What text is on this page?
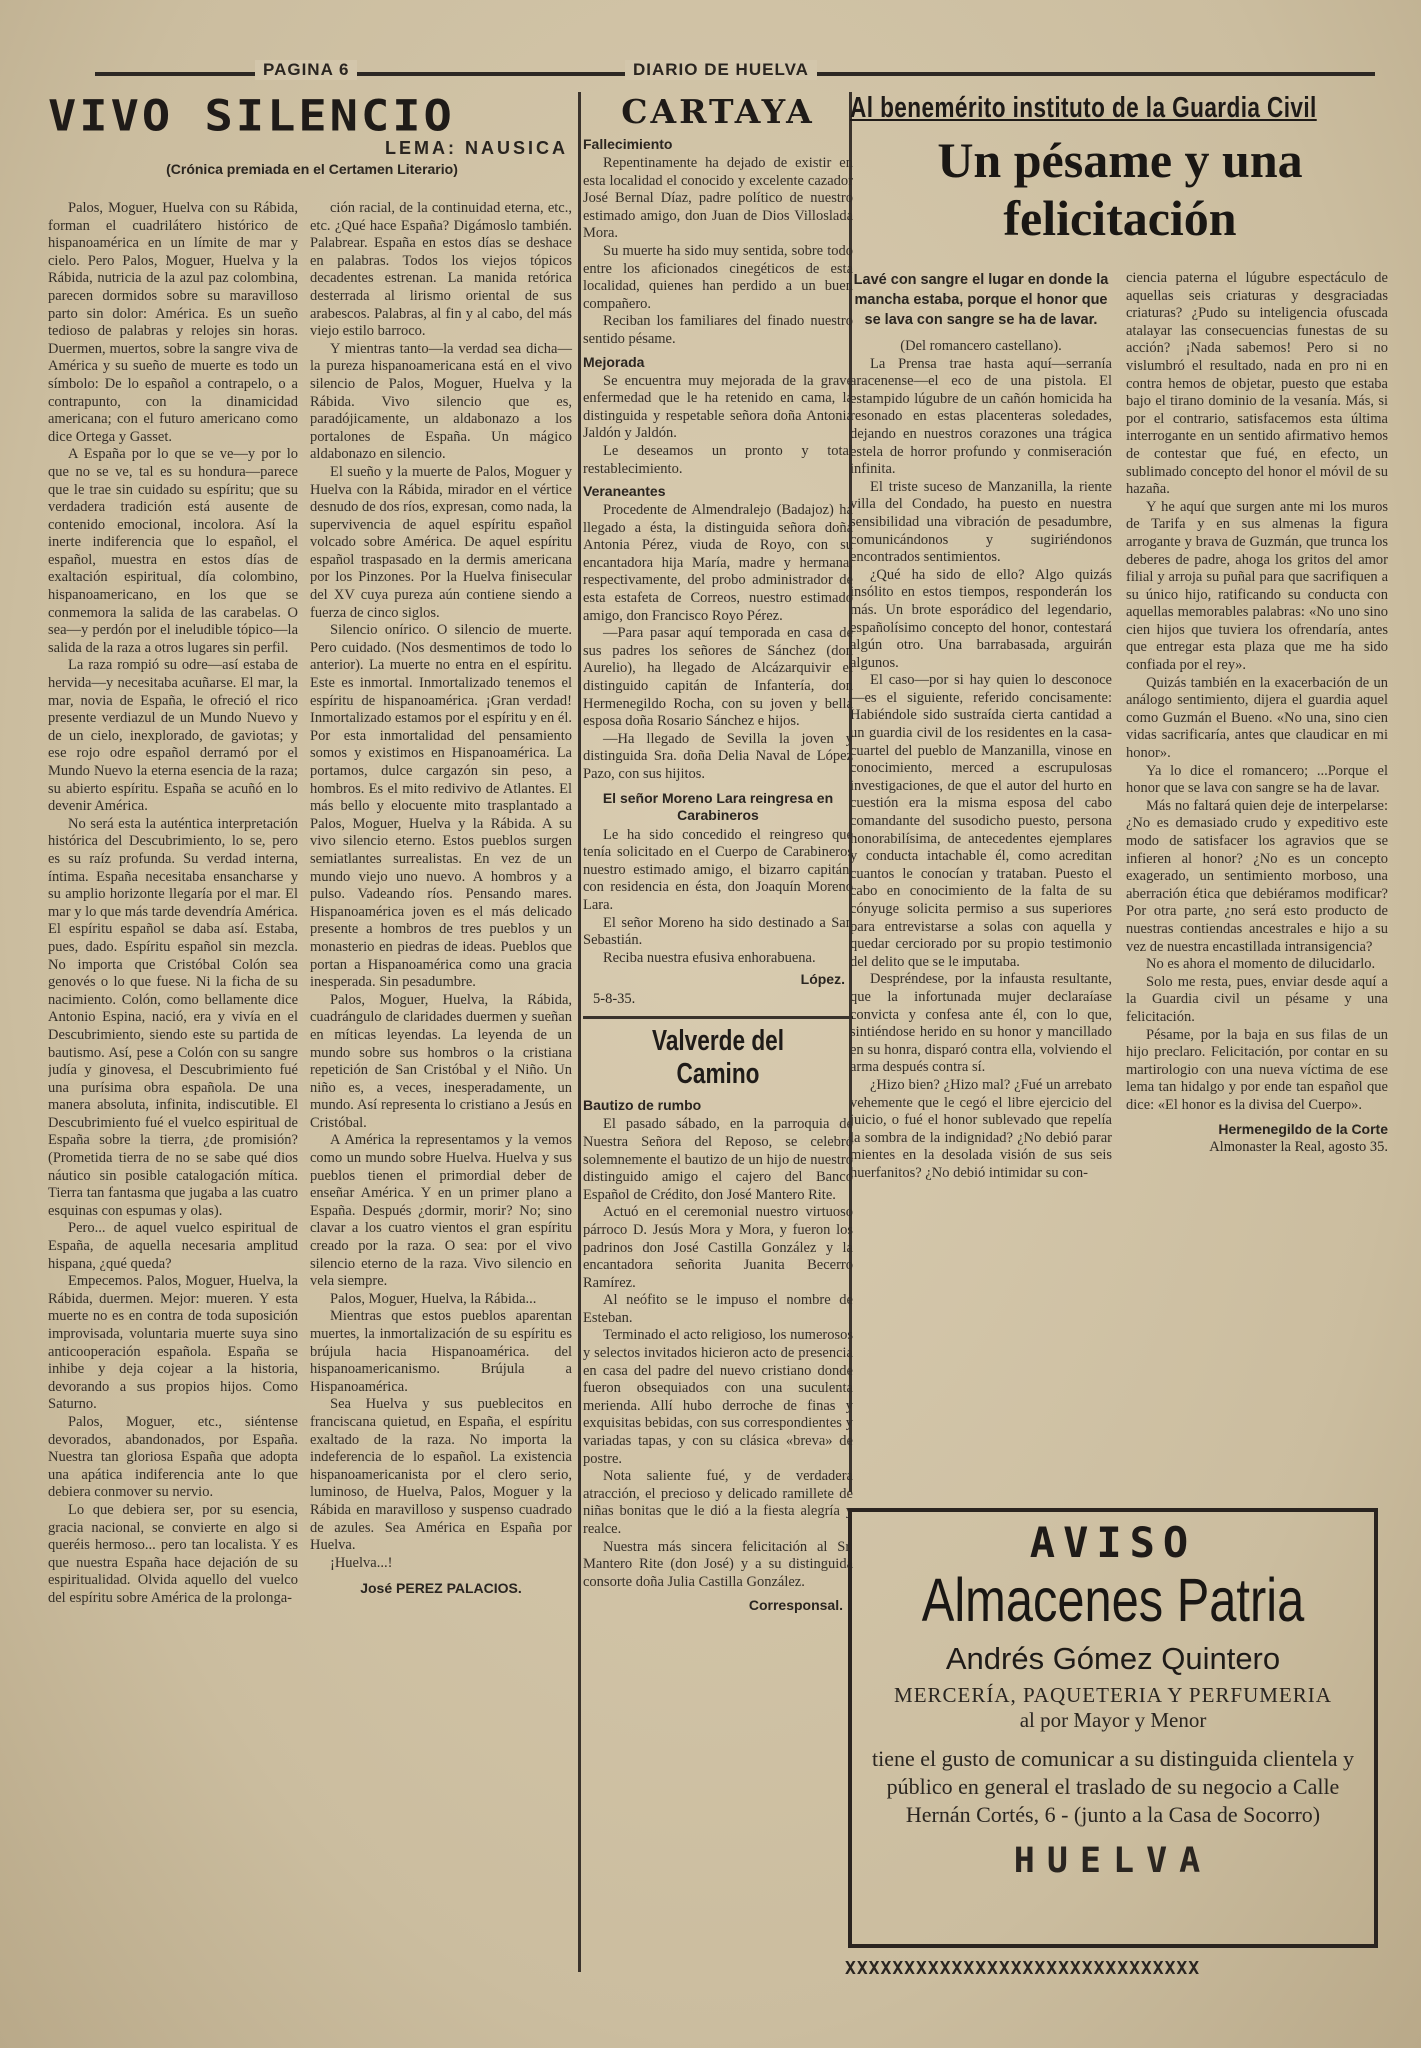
PAGINA 6	DIARIO DE HUELVA
VIVO SILENCIO
LEMA: NAUSICA
(Crónica premiada en el Certamen Literario)

Palos, Moguer, Huelva con su Rábida, forman el cuadrilátero histórico de hispanoamérica en un límite de mar y cielo. Pero Palos, Moguer, Huelva y la Rábida, nutricia de la azul paz colombina, parecen dormidos sobre su maravilloso parto sin dolor: América. Es un sueño tedioso de palabras y relojes sin horas. Duermen, muertos, sobre la sangre viva de América y su sueño de muerte es todo un símbolo: De lo español a contrapelo, o a contrapunto, con la dinamicidad americana; con el futuro americano como dice Ortega y Gasset.

A España por lo que se ve—y por lo que no se ve, tal es su hondura—parece que le trae sin cuidado su espíritu; que su verdadera tradición está ausente de contenido emocional, incolora. Así la inerte indiferencia que lo español, el español, muestra en estos días de exaltación espiritual, día colombino, hispanoamericano, en los que se conmemora la salida de las carabelas. O sea—y perdón por el ineludible tópico—la salida de la raza a otros lugares sin perfil.

La raza rompió su odre—así estaba de hervida—y necesitaba acuñarse. El mar, la mar, novia de España, le ofreció el rico presente verdiazul de un Mundo Nuevo y de un cielo, inexplorado, de gaviotas; y ese rojo odre español derramó por el Mundo Nuevo la eterna esencia de la raza; su abierto espíritu. España se acuñó en lo devenir América.

No será esta la auténtica interpretación histórica del Descubrimiento, lo se, pero es su raíz profunda. Su verdad interna, íntima. España necesitaba ensancharse y su amplio horizonte llegaría por el mar. El mar y lo que más tarde devendría América. El espíritu español se daba así. Estaba, pues, dado. Espíritu español sin mezcla. No importa que Cristóbal Colón sea genovés o lo que fuese. Ni la ficha de su nacimiento. Colón, como bellamente dice Antonio Espina, nació, era y vivía en el Descubrimiento, siendo este su partida de bautismo. Así, pese a Colón con su sangre judía y ginovesa, el Descubrimiento fué una purísima obra española. De una manera absoluta, infinita, indiscutible. El Descubrimiento fué el vuelco espiritual de España sobre la tierra, ¿de promisión? (Prometida tierra de no se sabe qué dios náutico sin posible catalogación mítica. Tierra tan fantasma que jugaba a las cuatro esquinas con espumas y olas).

Pero... de aquel vuelco espiritual de España, de aquella necesaria amplitud hispana, ¿qué queda?

Empecemos. Palos, Moguer, Huelva, la Rábida, duermen. Mejor: mueren. Y esta muerte no es en contra de toda suposición improvisada, voluntaria muerte suya sino anticooperación española. España se inhibe y deja cojear a la historia, devorando a sus propios hijos. Como Saturno.

Palos, Moguer, etc., siéntense devorados, abandonados, por España. Nuestra tan gloriosa España que adopta una apática indiferencia ante lo que debiera conmover su nervio.

Lo que debiera ser, por su esencia, gracia nacional, se convierte en algo si queréis hermoso... pero tan localista. Y es que nuestra España hace dejación de su espiritualidad. Olvida aquello del vuelco del espíritu sobre América de la prolonga-

ción racial, de la continuidad eterna, etc., etc. ¿Qué hace España? Digámoslo también. Palabrear. España en estos días se deshace en palabras. Todos los viejos tópicos decadentes estrenan. La manida retórica desterrada al lirismo oriental de sus arabescos. Palabras, al fin y al cabo, del más viejo estilo barroco.

Y mientras tanto—la verdad sea dicha—la pureza hispanoamericana está en el vivo silencio de Palos, Moguer, Huelva y la Rábida. Vivo silencio que es, paradójicamente, un aldabonazo a los portalones de España. Un mágico aldabonazo en silencio.

El sueño y la muerte de Palos, Moguer y Huelva con la Rábida, mirador en el vértice desnudo de dos ríos, expresan, como nada, la supervivencia de aquel espíritu español volcado sobre América. De aquel espíritu español traspasado en la dermis americana por los Pinzones. Por la Huelva finisecular del XV cuya pureza aún contiene siendo a fuerza de cinco siglos.

Silencio onírico. O silencio de muerte. Pero cuidado. (Nos desmentimos de todo lo anterior). La muerte no entra en el espíritu. Este es inmortal. Inmortalizado tenemos el espíritu de hispanoamérica. ¡Gran verdad! Inmortalizado estamos por el espíritu y en él. Por esta inmortalidad del pensamiento somos y existimos en Hispanoamérica. La portamos, dulce cargazón sin peso, a hombros. Es el mito redivivo de Atlantes. El más bello y elocuente mito trasplantado a Palos, Moguer, Huelva y la Rábida. A su vivo silencio eterno. Estos pueblos surgen semiatlantes surrealistas. En vez de un mundo viejo uno nuevo. A hombros y a pulso. Vadeando ríos. Pensando mares. Hispanoamérica joven es el más delicado presente a hombros de tres pueblos y un monasterio en piedras de ideas. Pueblos que portan a Hispanoamérica como una gracia inesperada. Sin pesadumbre.

Palos, Moguer, Huelva, la Rábida, cuadrángulo de claridades duermen y sueñan en míticas leyendas. La leyenda de un mundo sobre sus hombros o la cristiana repetición de San Cristóbal y el Niño. Un niño es, a veces, inesperadamente, un mundo. Así representa lo cristiano a Jesús en Cristóbal.

A América la representamos y la vemos como un mundo sobre Huelva. Huelva y sus pueblos tienen el primordial deber de enseñar América. Y en un primer plano a España. Después ¿dormir, morir? No; sino clavar a los cuatro vientos el gran espíritu creado por la raza. O sea: por el vivo silencio eterno de la raza. Vivo silencio en vela siempre.

Palos, Moguer, Huelva, la Rábida...

Mientras que estos pueblos aparentan muertes, la inmortalización de su espíritu es brújula hacia Hispanoamérica. del hispanoamericanismo. Brújula a Hispanoamérica.

Sea Huelva y sus pueblecitos en franciscana quietud, en España, el espíritu exaltado de la raza. No importa la indeferencia de lo español. La existencia hispanoamericanista por el clero serio, luminoso, de Huelva, Palos, Moguer y la Rábida en maravilloso y suspenso cuadrado de azules. Sea América en España por Huelva.

¡Huelva...!

José PEREZ PALACIOS.
CARTAYA
Fallecimiento

Repentinamente ha dejado de existir en esta localidad el conocido y excelente cazador José Bernal Díaz, padre político de nuestro estimado amigo, don Juan de Dios Villoslada Mora.

Su muerte ha sido muy sentida, sobre todo entre los aficionados cinegéticos de esta localidad, quienes han perdido a un buen compañero.

Reciban los familiares del finado nuestro sentido pésame.

Mejorada

Se encuentra muy mejorada de la grave enfermedad que le ha retenido en cama, la distinguida y respetable señora doña Antonia Jaldón y Jaldón.

Le deseamos un pronto y total restablecimiento.

Veraneantes

Procedente de Almendralejo (Badajoz) ha llegado a ésta, la distinguida señora doña Antonia Pérez, viuda de Royo, con su encantadora hija María, madre y hermana, respectivamente, del probo administrador de esta estafeta de Correos, nuestro estimado amigo, don Francisco Royo Pérez.

—Para pasar aquí temporada en casa de sus padres los señores de Sánchez (don Aurelio), ha llegado de Alcázarquivir el distinguido capitán de Infantería, don Hermenegildo Rocha, con su joven y bella esposa doña Rosario Sánchez e hijos.

—Ha llegado de Sevilla la joven y distinguida Sra. doña Delia Naval de López Pazo, con sus hijitos.

El señor Moreno Lara reingresa en Carabineros

Le ha sido concedido el reingreso que tenía solicitado en el Cuerpo de Carabineros nuestro estimado amigo, el bizarro capitán, con residencia en ésta, don Joaquín Moreno Lara.

El señor Moreno ha sido destinado a San Sebastián.

Reciba nuestra efusiva enhorabuena.

López.
5-8-35.
Valverde del Camino
Bautizo de rumbo

El pasado sábado, en la parroquia de Nuestra Señora del Reposo, se celebró solemnemente el bautizo de un hijo de nuestro distinguido amigo el cajero del Banco Español de Crédito, don José Mantero Rite.

Actuó en el ceremonial nuestro virtuoso párroco D. Jesús Mora y Mora, y fueron los padrinos don José Castilla González y la encantadora señorita Juanita Becerro Ramírez.

Al neófito se le impuso el nombre de Esteban.

Terminado el acto religioso, los numerosos y selectos invitados hicieron acto de presencia en casa del padre del nuevo cristiano donde fueron obsequiados con una suculenta merienda. Allí hubo derroche de finas y exquisitas bebidas, con sus correspondientes y variadas tapas, y con su clásica «breva» de postre.

Nota saliente fué, y de verdadera atracción, el precioso y delicado ramillete de niñas bonitas que le dió a la fiesta alegría y realce.

Nuestra más sincera felicitación al Sr. Mantero Rite (don José) y a su distinguida consorte doña Julia Castilla González.

Corresponsal.
Al benemérito instituto de la Guardia Civil
Un pésame y una felicitación

Lavé con sangre el lugar en donde la mancha estaba, porque el honor que se lava con sangre se ha de lavar.

(Del romancero castellano).

La Prensa trae hasta aquí—serranía aracenense—el eco de una pistola. El estampido lúgubre de un cañón homicida ha resonado en estas placenteras soledades, dejando en nuestros corazones una trágica estela de horror profundo y conmiseración infinita.

El triste suceso de Manzanilla, la riente villa del Condado, ha puesto en nuestra sensibilidad una vibración de pesadumbre, comunicándonos y sugiriéndonos encontrados sentimientos.

¿Qué ha sido de ello? Algo quizás insólito en estos tiempos, responderán los más. Un brote esporádico del legendario, españolísimo concepto del honor, contestará algún otro. Una barrabasada, arguirán algunos.

El caso—por si hay quien lo desconoce—es el siguiente, referido concisamente: Habiéndole sido sustraída cierta cantidad a un guardia civil de los residentes en la casa-cuartel del pueblo de Manzanilla, vinose en conocimiento, merced a escrupulosas investigaciones, de que el autor del hurto en cuestión era la misma esposa del cabo comandante del susodicho puesto, persona honorabilísima, de antecedentes ejemplares y conducta intachable él, como acreditan cuantos le conocían y trataban. Puesto el cabo en conocimiento de la falta de su cónyuge solicita permiso a sus superiores para entrevistarse a solas con aquella y quedar cerciorado por su propio testimonio del delito que se le imputaba.

Despréndese, por la infausta resultante, que la infortunada mujer declaraíase convicta y confesa ante él, con lo que, sintiéndose herido en su honor y mancillado en su honra, disparó contra ella, volviendo el arma después contra sí.

¿Hizo bien? ¿Hizo mal? ¿Fué un arrebato vehemente que le cegó el libre ejercicio del juicio, o fué el honor sublevado que repelía la sombra de la indignidad? ¿No debió parar mientes en la desolada visión de sus seis huerfanitos? ¿No debió intimidar su con-

ciencia paterna el lúgubre espectáculo de aquellas seis criaturas y desgraciadas criaturas? ¿Pudo su inteligencia ofuscada atalayar las consecuencias funestas de su acción? ¡Nada sabemos! Pero si no vislumbró el resultado, nada en pro ni en contra hemos de objetar, puesto que estaba bajo el tirano dominio de la vesanía. Más, si por el contrario, satisfacemos esta última interrogante en un sentido afirmativo hemos de contestar que fué, en efecto, un sublimado concepto del honor el móvil de su hazaña.

Y he aquí que surgen ante mi los muros de Tarifa y en sus almenas la figura arrogante y brava de Guzmán, que trunca los deberes de padre, ahoga los gritos del amor filial y arroja su puñal para que sacrifiquen a su único hijo, ratificando su conducta con aquellas memorables palabras: «No uno sino cien hijos que tuviera los ofrendaría, antes que entregar esta plaza que me ha sido confiada por el rey».

Quizás también en la exacerbación de un análogo sentimiento, dijera el guardia aquel como Guzmán el Bueno. «No una, sino cien vidas sacrificaría, antes que claudicar en mi honor».

Ya lo dice el romancero; ...Porque el honor que se lava con sangre se ha de lavar.

Más no faltará quien deje de interpelarse: ¿No es demasiado crudo y expeditivo este modo de satisfacer los agravios que se infieren al honor? ¿No es un concepto exagerado, un sentimiento morboso, una aberración ética que debiéramos modificar? Por otra parte, ¿no será esto producto de nuestras contiendas ancestrales e hijo a su vez de nuestra encastillada intransigencia?

No es ahora el momento de dilucidarlo.

Solo me resta, pues, enviar desde aquí a la Guardia civil un pésame y una felicitación.

Pésame, por la baja en sus filas de un hijo preclaro. Felicitación, por contar en su martirologio con una nueva víctima de ese lema tan hidalgo y por ende tan español que dice: «El honor es la divisa del Cuerpo».

Hermenegildo de la Corte
Almonaster la Real, agosto 35.
AVISO
Almacenes Patria
Andrés Gómez Quintero
MERCERÍA, PAQUETERIA Y PERFUMERIA
al por Mayor y Menor
tiene el gusto de comunicar a su distinguida clientela y público en general el traslado de su negocio a Calle Hernán Cortés, 6 - (junto a la Casa de Socorro)
HUELVA
XXXXXXXXXXXXXXXXXXXXXXXXXXXXXX
